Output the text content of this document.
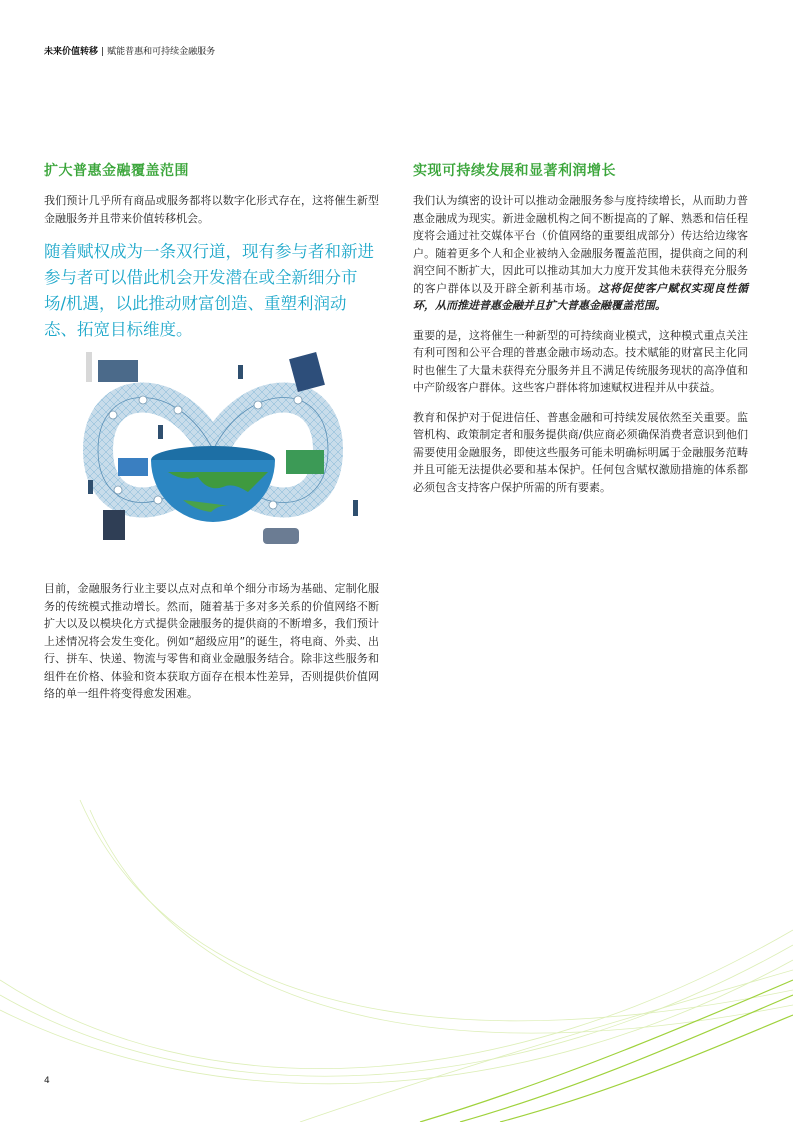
未来价值转移 | 赋能普惠和可持续金融服务
扩大普惠金融覆盖范围

我们预计几乎所有商品或服务都将以数字化形式存在，这将催生新型金融服务并且带来价值转移机会。

随着赋权成为一条双行道，现有参与者和新进参与者可以借此机会开发潜在或全新细分市场/机遇，以此推动财富创造、重塑利润动态、拓宽目标维度。

目前，金融服务行业主要以点对点和单个细分市场为基础、定制化服务的传统模式推动增长。然而，随着基于多对多关系的价值网络不断扩大以及以模块化方式提供金融服务的提供商的不断增多，我们预计上述情况将会发生变化。例如“超级应用”的诞生，将电商、外卖、出行、拼车、快递、物流与零售和商业金融服务结合。除非这些服务和组件在价格、体验和资本获取方面存在根本性差异，否则提供价值网络的单一组件将变得愈发困难。

实现可持续发展和显著利润增长

我们认为缜密的设计可以推动金融服务参与度持续增长，从而助力普惠金融成为现实。新进金融机构之间不断提高的了解、熟悉和信任程度将会通过社交媒体平台（价值网络的重要组成部分）传达给边缘客户。随着更多个人和企业被纳入金融服务覆盖范围，提供商之间的利润空间不断扩大，因此可以推动其加大力度开发其他未获得充分服务的客户群体以及开辟全新利基市场。这将促使客户赋权实现良性循环，从而推进普惠金融并且扩大普惠金融覆盖范围。

重要的是，这将催生一种新型的可持续商业模式，这种模式重点关注有利可图和公平合理的普惠金融市场动态。技术赋能的财富民主化同时也催生了大量未获得充分服务并且不满足传统服务现状的高净值和中产阶级客户群体。这些客户群体将加速赋权进程并从中获益。

教育和保护对于促进信任、普惠金融和可持续发展依然至关重要。监管机构、政策制定者和服务提供商/供应商必须确保消费者意识到他们需要使用金融服务，即使这些服务可能未明确标明属于金融服务范畴并且可能无法提供必要和基本保护。任何包含赋权激励措施的体系都必须包含支持客户保护所需的所有要素。

4
